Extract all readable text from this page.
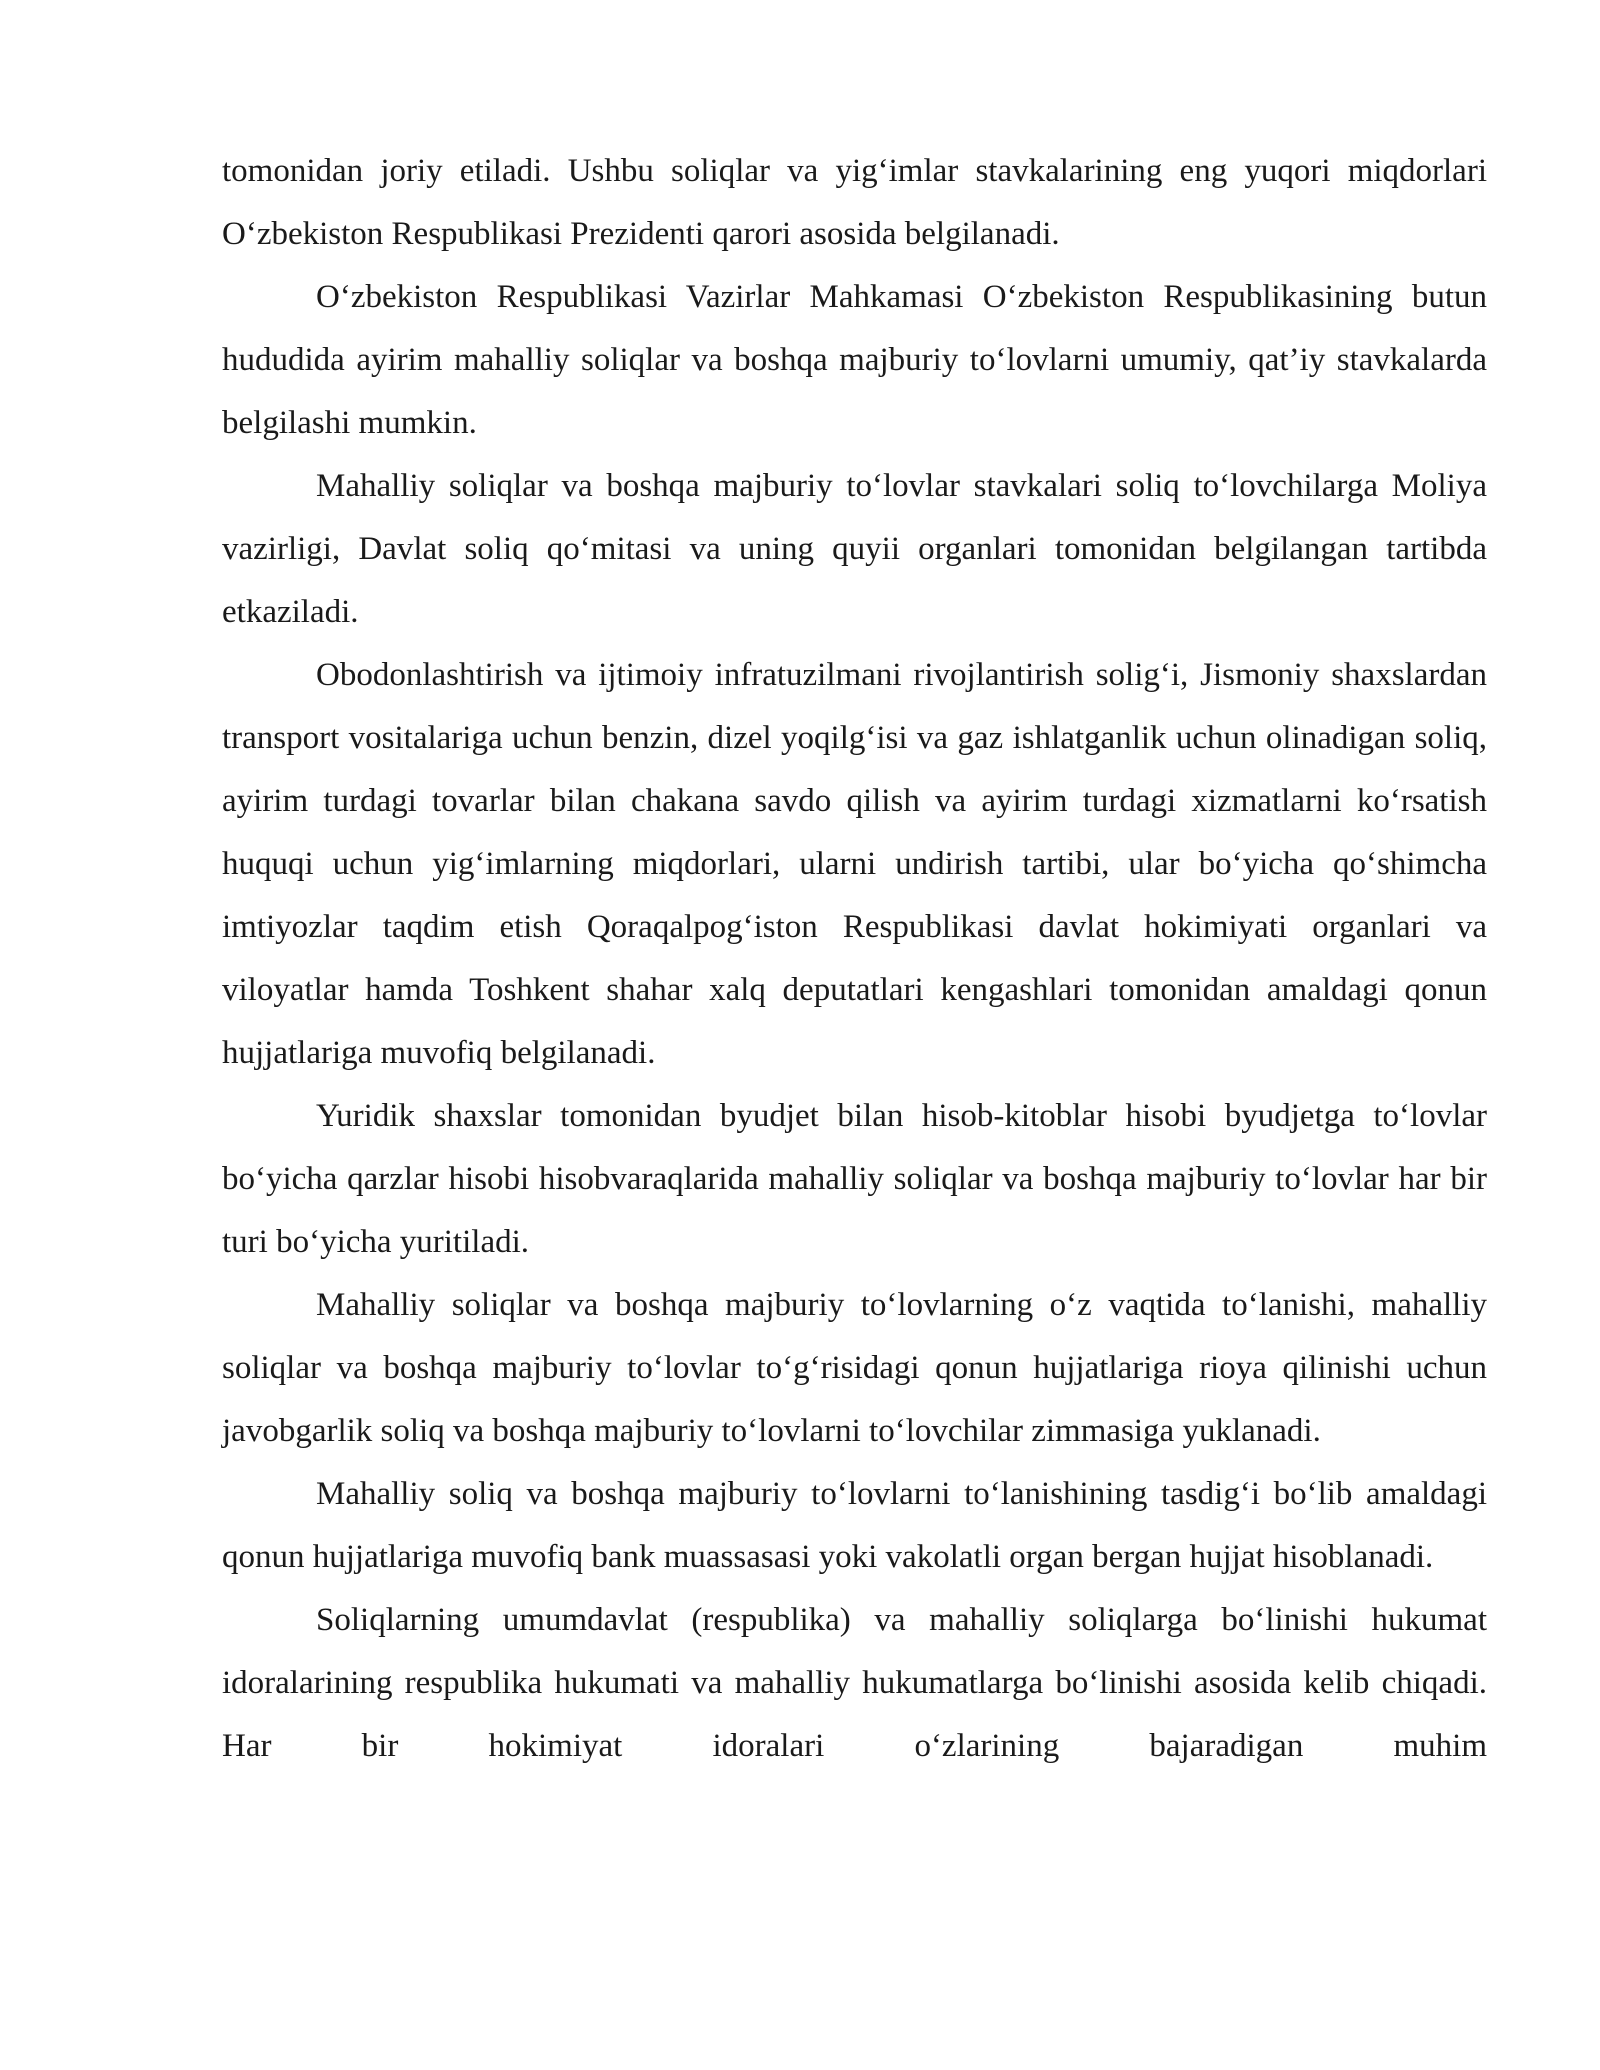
tomonidan joriy etiladi. Ushbu soliqlar va yig‘imlar stavkalarining eng yuqori miqdorlari O‘zbekiston Respublikasi Prezidenti qarori asosida belgilanadi.

O‘zbekiston Respublikasi Vazirlar Mahkamasi O‘zbekiston Respublikasining butun hududida ayirim mahalliy soliqlar va boshqa majburiy to‘lovlarni umumiy, qat’iy stavkalarda belgilashi mumkin.

Mahalliy soliqlar va boshqa majburiy to‘lovlar stavkalari soliq to‘lovchilarga Moliya vazirligi, Davlat soliq qo‘mitasi va uning quyii organlari tomonidan belgilangan tartibda etkaziladi.

Obodonlashtirish va ijtimoiy infratuzilmani rivojlantirish solig‘i, Jismoniy shaxslardan transport vositalariga uchun benzin, dizel yoqilg‘isi va gaz ishlatganlik uchun olinadigan soliq, ayirim turdagi tovarlar bilan chakana savdo qilish va ayirim turdagi xizmatlarni ko‘rsatish huquqi uchun yig‘imlarning miqdorlari, ularni undirish tartibi, ular bo‘yicha qo‘shimcha imtiyozlar taqdim etish Qoraqalpog‘iston Respublikasi davlat hokimiyati organlari va viloyatlar hamda Toshkent shahar xalq deputatlari kengashlari tomonidan amaldagi qonun hujjatlariga muvofiq belgilanadi.

Yuridik shaxslar tomonidan byudjet bilan hisob-kitoblar hisobi byudjetga to‘lovlar bo‘yicha qarzlar hisobi hisobvaraqlarida mahalliy soliqlar va boshqa majburiy to‘lovlar har bir turi bo‘yicha yuritiladi.

Mahalliy soliqlar va boshqa majburiy to‘lovlarning o‘z vaqtida to‘lanishi, mahalliy soliqlar va boshqa majburiy to‘lovlar to‘g‘risidagi qonun hujjatlariga rioya qilinishi uchun javobgarlik soliq va boshqa majburiy to‘lovlarni to‘lovchilar zimmasiga yuklanadi.

Mahalliy soliq va boshqa majburiy to‘lovlarni to‘lanishining tasdig‘i bo‘lib amaldagi qonun hujjatlariga muvofiq bank muassasasi yoki vakolatli organ bergan hujjat hisoblanadi.

Soliqlarning umumdavlat (respublika) va mahalliy soliqlarga bo‘linishi hukumat idoralarining respublika hukumati va mahalliy hukumatlarga bo‘linishi asosida kelib chiqadi. Har bir hokimiyat idoralari o‘zlarining bajaradigan muhim
